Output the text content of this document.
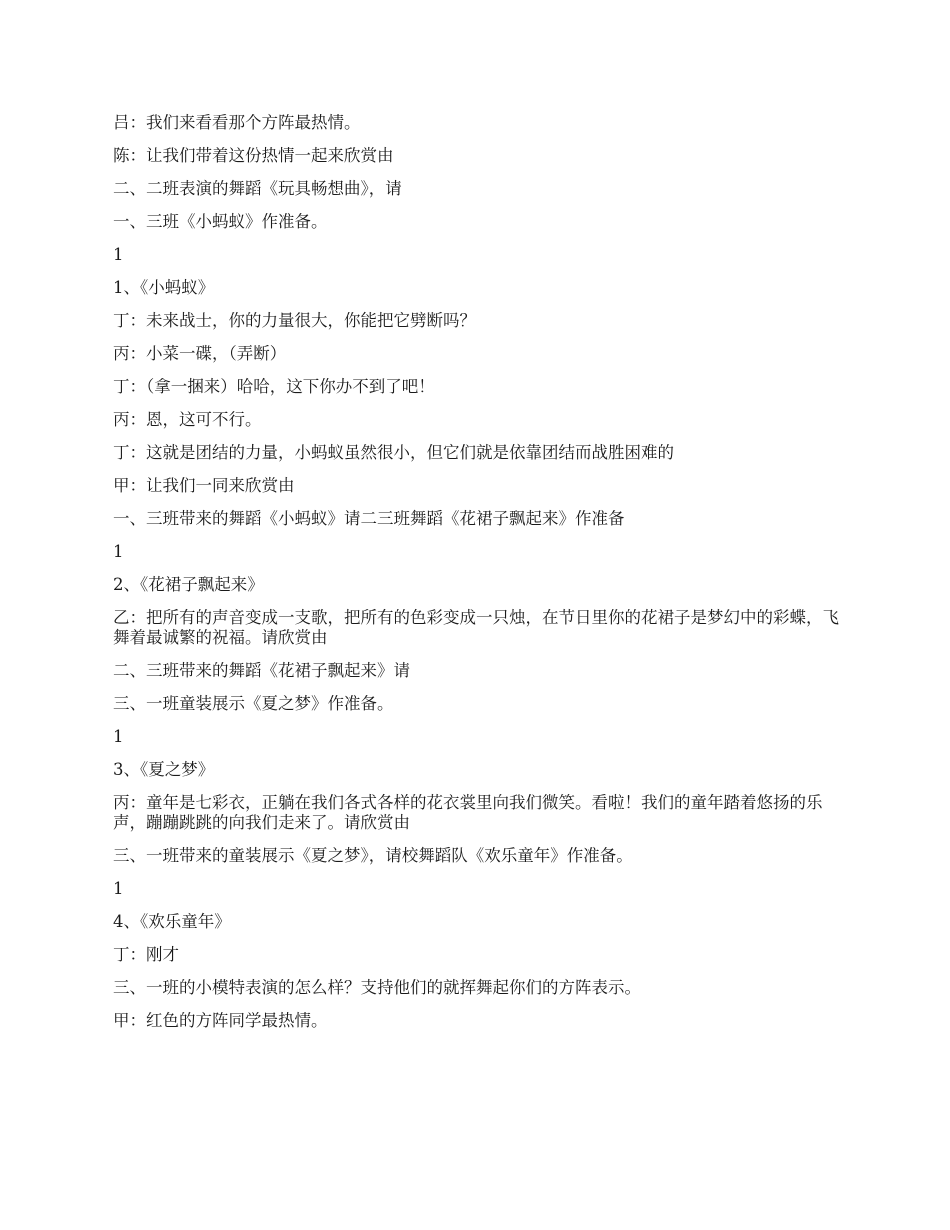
吕：我们来看看那个方阵最热情。

陈：让我们带着这份热情一起来欣赏由

二、二班表演的舞蹈《玩具畅想曲》，请

一、三班《小蚂蚁》作准备。

1

1、《小蚂蚁》

丁：未来战士，你的力量很大，你能把它劈断吗？

丙：小菜一碟，（弄断）

丁：（拿一捆来）哈哈，这下你办不到了吧！

丙：恩，这可不行。

丁：这就是团结的力量，小蚂蚁虽然很小，但它们就是依靠团结而战胜困难的

甲：让我们一同来欣赏由

一、三班带来的舞蹈《小蚂蚁》请二三班舞蹈《花裙子飘起来》作准备

1

2、《花裙子飘起来》

乙：把所有的声音变成一支歌，把所有的色彩变成一只烛，在节日里你的花裙子是梦幻中的彩蝶，飞舞着最诚繁的祝福。请欣赏由

二、三班带来的舞蹈《花裙子飘起来》请

三、一班童装展示《夏之梦》作准备。

1

3、《夏之梦》

丙：童年是七彩衣，正躺在我们各式各样的花衣裳里向我们微笑。看啦！我们的童年踏着悠扬的乐声，蹦蹦跳跳的向我们走来了。请欣赏由

三、一班带来的童装展示《夏之梦》，请校舞蹈队《欢乐童年》作准备。

1

4、《欢乐童年》

丁：刚才

三、一班的小模特表演的怎么样？支持他们的就挥舞起你们的方阵表示。

甲：红色的方阵同学最热情。
